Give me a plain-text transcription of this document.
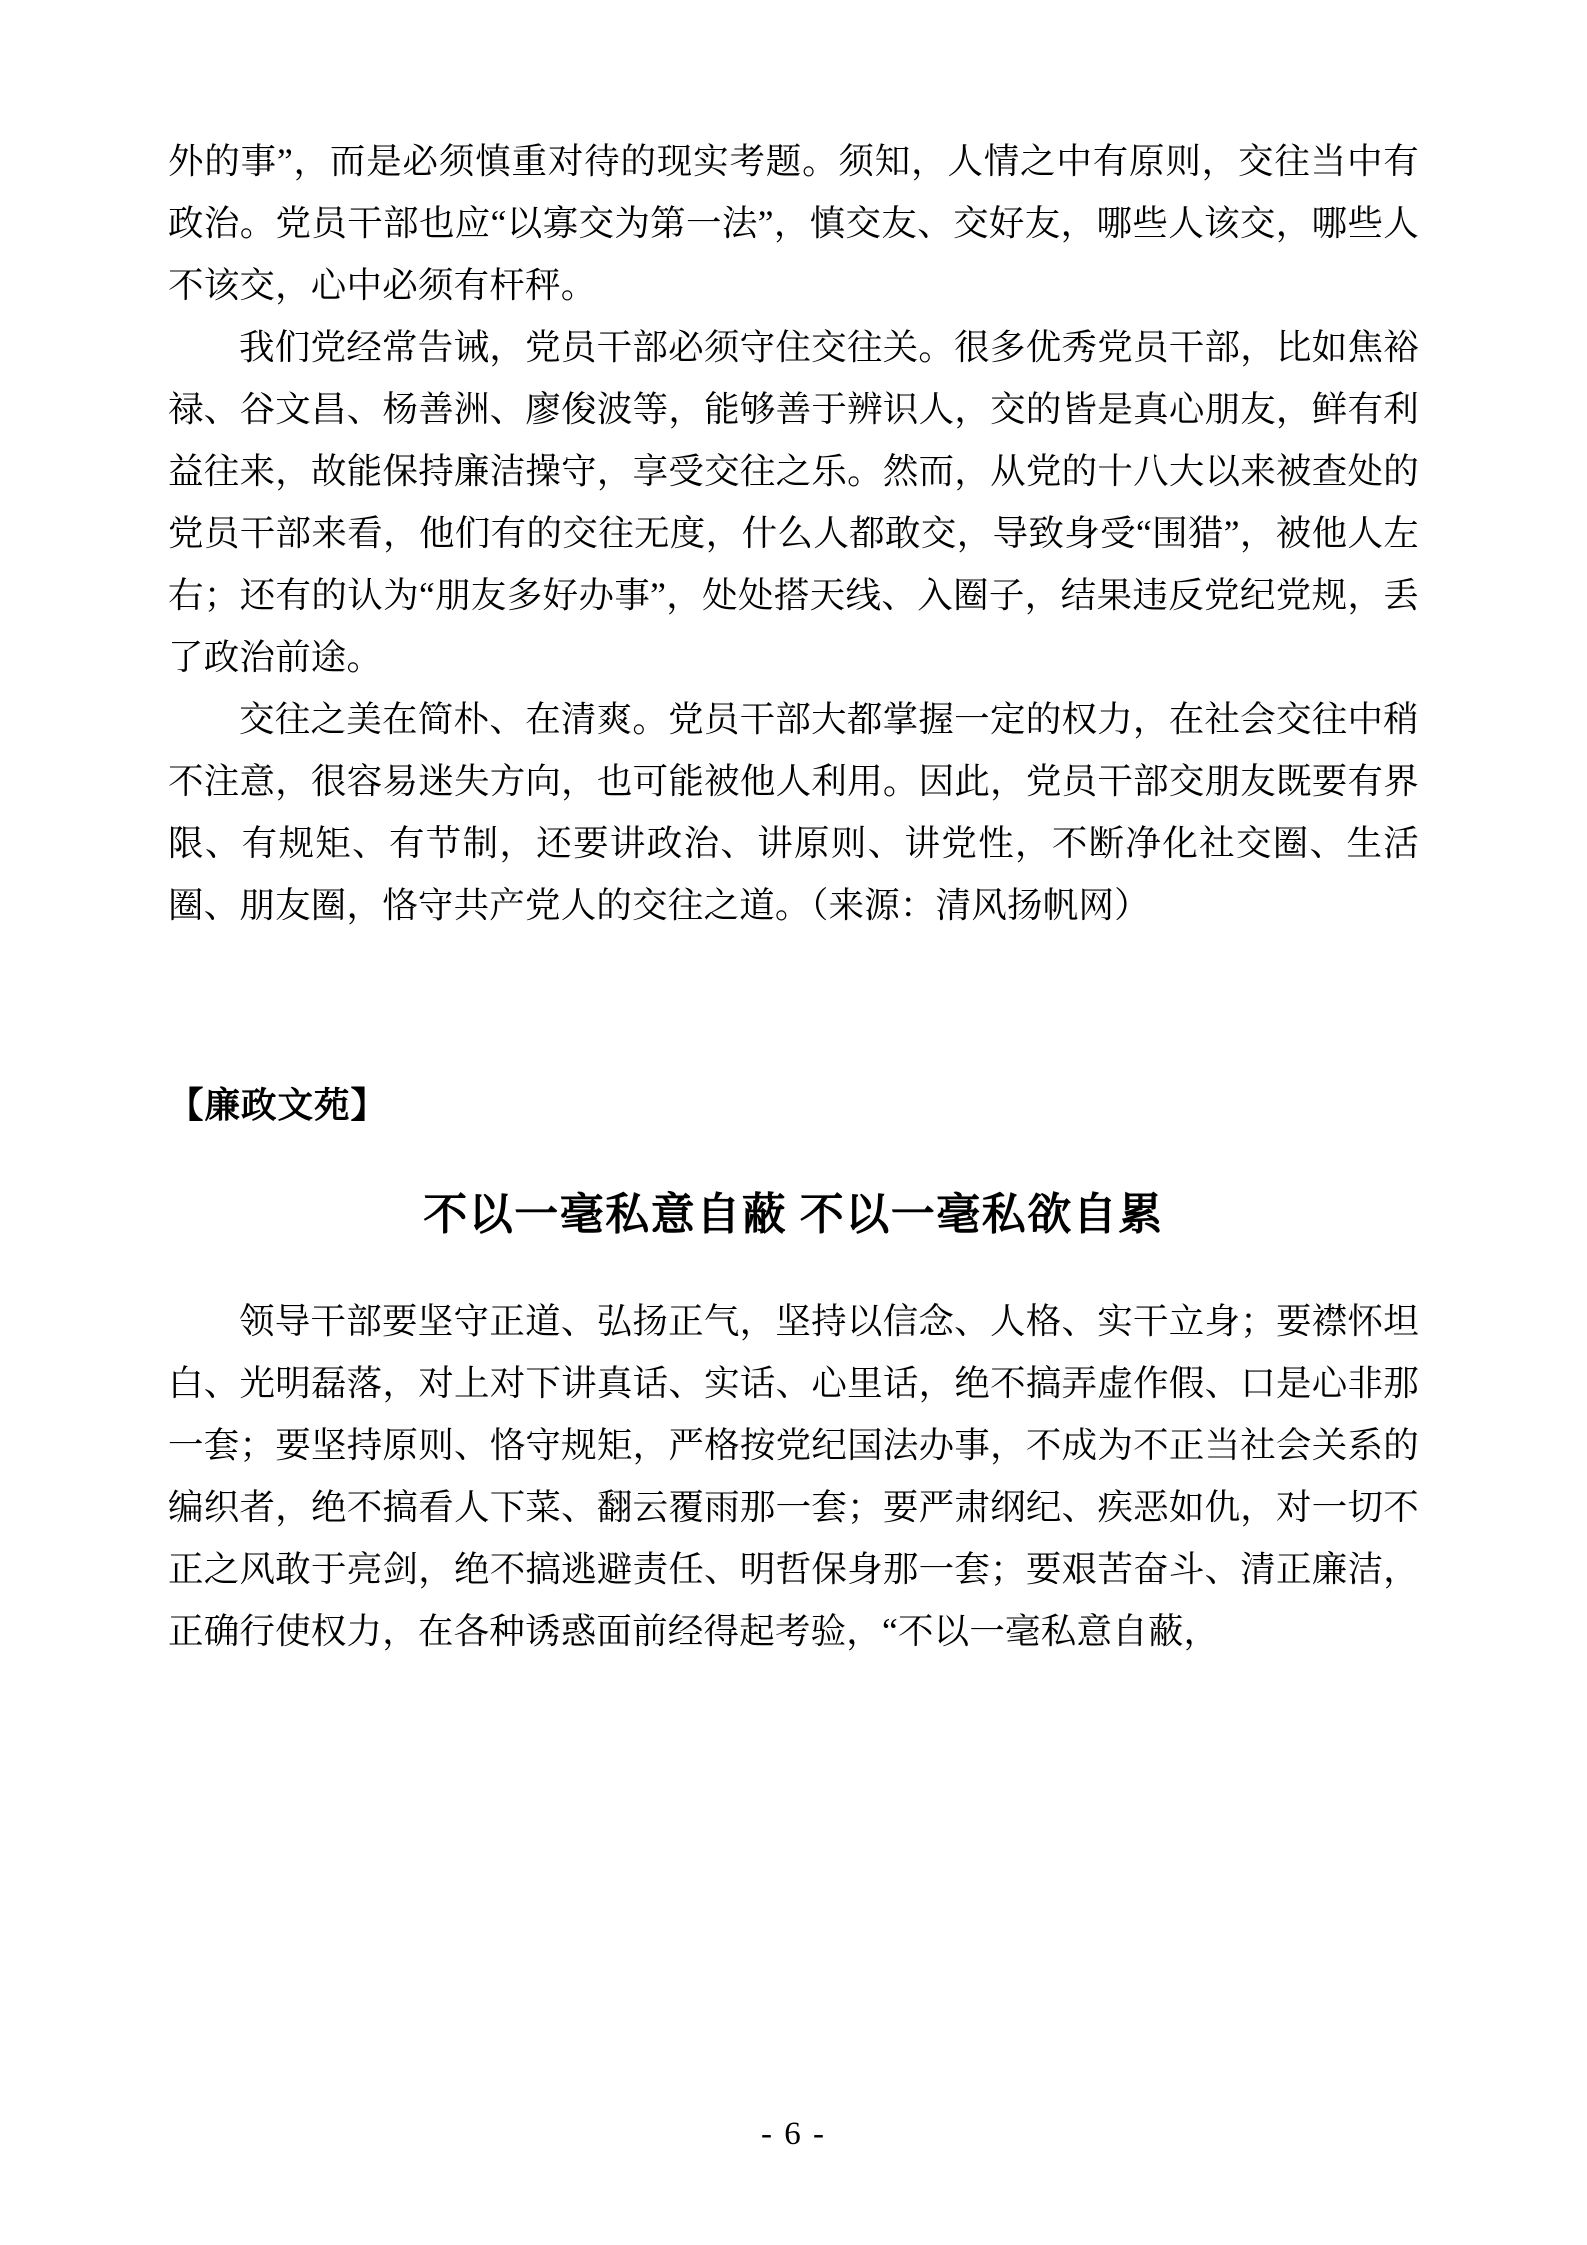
外的事”，而是必须慎重对待的现实考题。须知，人情之中有原则，交往当中有政治。党员干部也应“以寡交为第一法”，慎交友、交好友，哪些人该交，哪些人不该交，心中必须有杆秤。

我们党经常告诫，党员干部必须守住交往关。很多优秀党员干部，比如焦裕禄、谷文昌、杨善洲、廖俊波等，能够善于辨识人，交的皆是真心朋友，鲜有利益往来，故能保持廉洁操守，享受交往之乐。然而，从党的十八大以来被查处的党员干部来看，他们有的交往无度，什么人都敢交，导致身受“围猎”，被他人左右；还有的认为“朋友多好办事”，处处搭天线、入圈子，结果违反党纪党规，丢了政治前途。

交往之美在简朴、在清爽。党员干部大都掌握一定的权力，在社会交往中稍不注意，很容易迷失方向，也可能被他人利用。因此，党员干部交朋友既要有界限、有规矩、有节制，还要讲政治、讲原则、讲党性，不断净化社交圈、生活圈、朋友圈，恪守共产党人的交往之道。（来源：清风扬帆网）

【廉政文苑】
不以一毫私意自蔽 不以一毫私欲自累

领导干部要坚守正道、弘扬正气，坚持以信念、人格、实干立身；要襟怀坦白、光明磊落，对上对下讲真话、实话、心里话，绝不搞弄虚作假、口是心非那一套；要坚持原则、恪守规矩，严格按党纪国法办事，不成为不正当社会关系的编织者，绝不搞看人下菜、翻云覆雨那一套；要严肃纲纪、疾恶如仇，对一切不正之风敢于亮剑，绝不搞逃避责任、明哲保身那一套；要艰苦奋斗、清正廉洁，正确行使权力，在各种诱惑面前经得起考验，“不以一毫私意自蔽，

- 6 -
